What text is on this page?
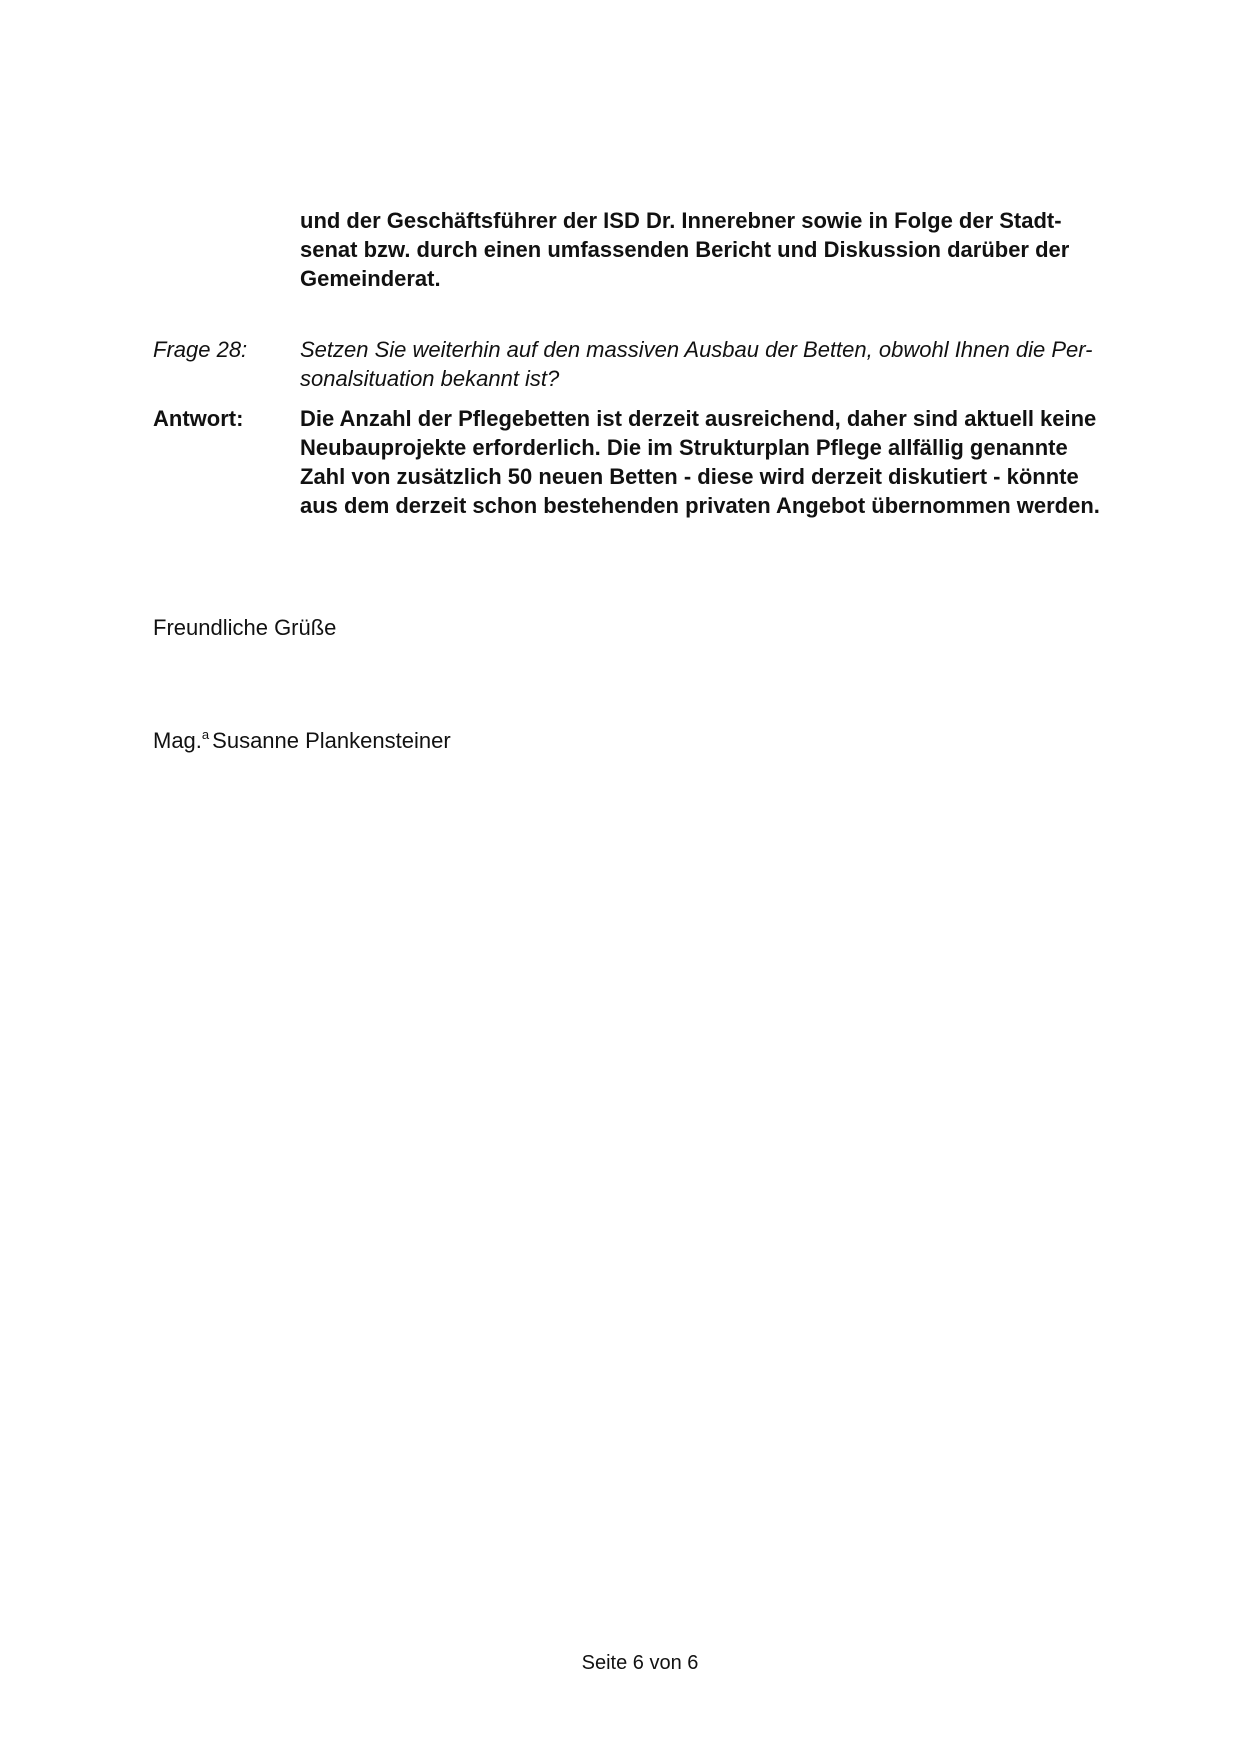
und der Geschäftsführer der ISD Dr. Innerebner sowie in Folge der Stadt-
senat bzw. durch einen umfassenden Bericht und Diskussion darüber der
Gemeinderat.
Frage 28:	Setzen Sie weiterhin auf den massiven Ausbau der Betten, obwohl Ihnen die Per-
sonalsituation bekannt ist?
Antwort:	Die Anzahl der Pflegebetten ist derzeit ausreichend, daher sind aktuell keine
Neubauprojekte erforderlich. Die im Strukturplan Pflege allfällig genannte
Zahl von zusätzlich 50 neuen Betten - diese wird derzeit diskutiert - könnte
aus dem derzeit schon bestehenden privaten Angebot übernommen werden.
Freundliche Grüße
Mag.$^a$ Susanne Plankensteiner
Seite 6 von 6
